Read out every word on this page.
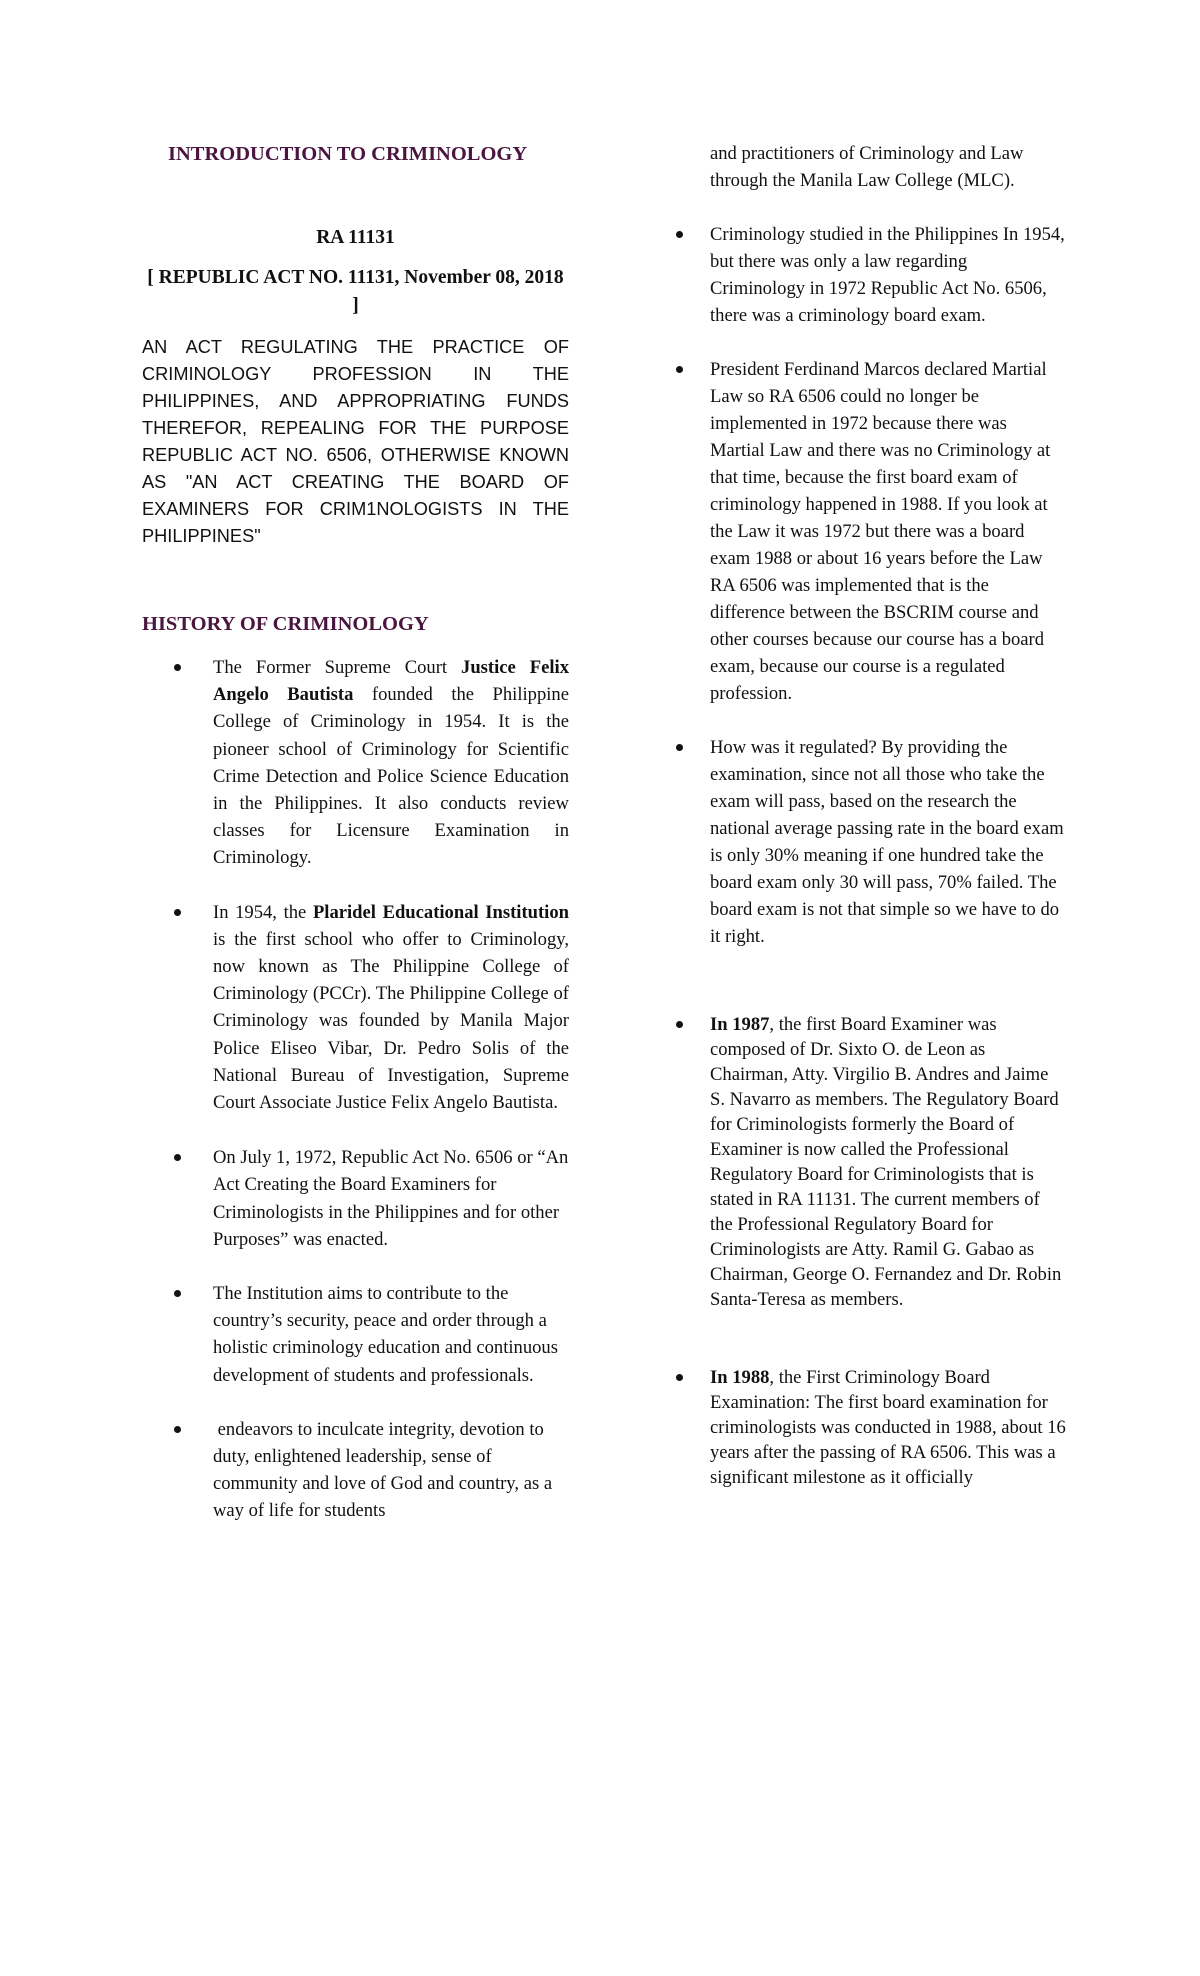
INTRODUCTION TO CRIMINOLOGY

RA 11131

[ REPUBLIC ACT NO. 11131, November 08, 2018 ]

AN ACT REGULATING THE PRACTICE OF CRIMINOLOGY PROFESSION IN THE PHILIPPINES, AND APPROPRIATING FUNDS THEREFOR, REPEALING FOR THE PURPOSE REPUBLIC ACT NO. 6506, OTHERWISE KNOWN AS "AN ACT CREATING THE BOARD OF EXAMINERS FOR CRIM1NOLOGISTS IN THE PHILIPPINES"

HISTORY OF CRIMINOLOGY
The Former Supreme Court Justice Felix Angelo Bautista founded the Philippine College of Criminology in 1954. It is the pioneer school of Criminology for Scientific Crime Detection and Police Science Education in the Philippines. It also conducts review classes for Licensure Examination in Criminology.
In 1954, the Plaridel Educational Institution is the first school who offer to Criminology, now known as The Philippine College of Criminology (PCCr). The Philippine College of Criminology was founded by Manila Major Police Eliseo Vibar, Dr. Pedro Solis of the National Bureau of Investigation, Supreme Court Associate Justice Felix Angelo Bautista.
On July 1, 1972, Republic Act No. 6506 or “An Act Creating the Board Examiners for Criminologists in the Philippines and for other Purposes” was enacted.
The Institution aims to contribute to the country’s security, peace and order through a holistic criminology education and continuous development of students and professionals.
endeavors to inculcate integrity, devotion to duty, enlightened leadership, sense of community and love of God and country, as a way of life for students

and practitioners of Criminology and Law through the Manila Law College (MLC).

Criminology studied in the Philippines In 1954, but there was only a law regarding Criminology in 1972 Republic Act No. 6506, there was a criminology board exam.
President Ferdinand Marcos declared Martial Law so RA 6506 could no longer be implemented in 1972 because there was Martial Law and there was no Criminology at that time, because the first board exam of criminology happened in 1988. If you look at the Law it was 1972 but there was a board exam 1988 or about 16 years before the Law RA 6506 was implemented that is the difference between the BSCRIM course and other courses because our course has a board exam, because our course is a regulated profession.
How was it regulated? By providing the examination, since not all those who take the exam will pass, based on the research the national average passing rate in the board exam is only 30% meaning if one hundred take the board exam only 30 will pass, 70% failed. The board exam is not that simple so we have to do it right.
In 1987, the first Board Examiner was composed of Dr. Sixto O. de Leon as Chairman, Atty. Virgilio B. Andres and Jaime S. Navarro as members. The Regulatory Board for Criminologists formerly the Board of Examiner is now called the Professional Regulatory Board for Criminologists that is stated in RA 11131. The current members of the Professional Regulatory Board for Criminologists are Atty. Ramil G. Gabao as Chairman, George O. Fernandez and Dr. Robin Santa-Teresa as members.
In 1988, the First Criminology Board Examination: The first board examination for criminologists was conducted in 1988, about 16 years after the passing of RA 6506. This was a significant milestone as it officially
